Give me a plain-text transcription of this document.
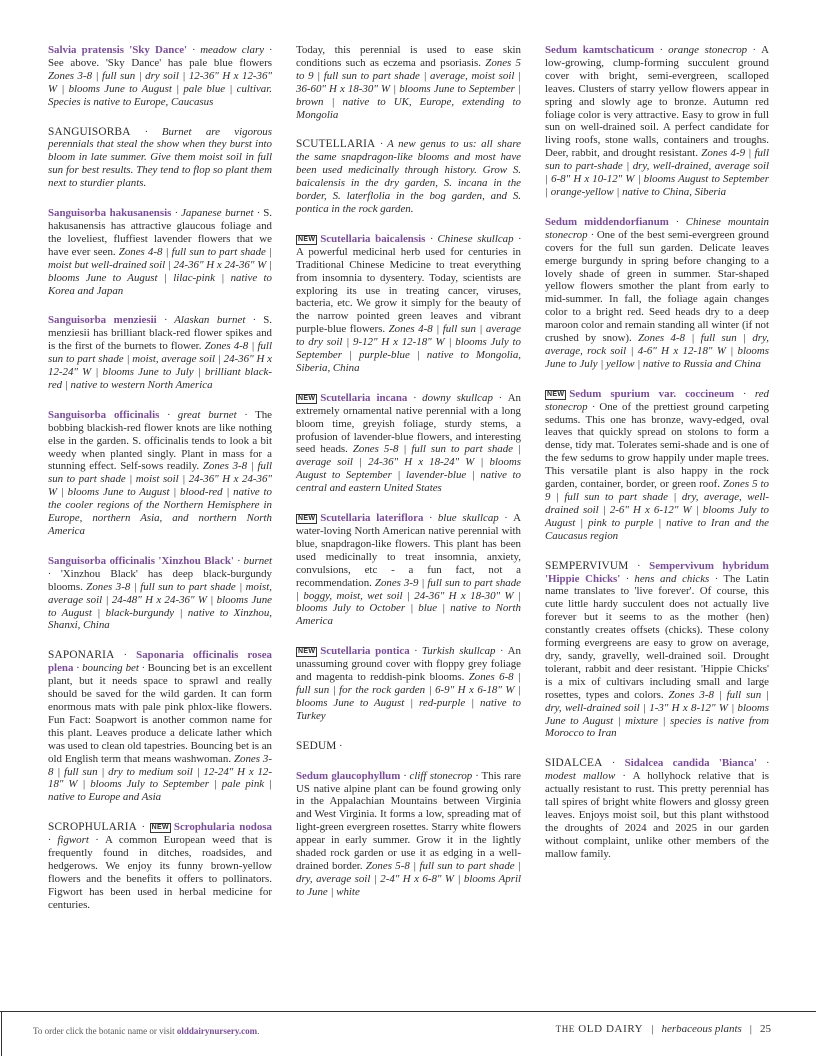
Salvia pratensis 'Sky Dance' · meadow clary · See above. 'Sky Dance' has pale blue flowers Zones 3-8 | full sun | dry soil | 12-36" H x 12-36" W | blooms June to August | pale blue | cultivar. Species is native to Europe, Caucasus

SANGUISORBA · Burnet are vigorous perennials that steal the show when they burst into bloom in late summer. Give them moist soil in full sun for best results. They tend to flop so plant them next to sturdier plants.

Sanguisorba hakusanensis · Japanese burnet · S. hakusanensis has attractive glaucous foliage and the loveliest, fluffiest lavender flowers that we have ever seen. Zones 4-8 | full sun to part shade | moist but well-drained soil | 24-36" H x 24-36" W | blooms June to August | lilac-pink | native to Korea and Japan

Sanguisorba menziesii · Alaskan burnet · S. menziesii has brilliant black-red flower spikes and is the first of the burnets to flower. Zones 4-8 | full sun to part shade | moist, average soil | 24-36" H x 12-24" W | blooms June to July | brilliant black-red | native to western North America

Sanguisorba officinalis · great burnet · The bobbing blackish-red flower knots are like nothing else in the garden. S. officinalis tends to look a bit weedy when planted singly. Plant in mass for a stunning effect. Self-sows readily. Zones 3-8 | full sun to part shade | moist soil | 24-36" H x 24-36" W | blooms June to August | blood-red | native to the cooler regions of the Northern Hemisphere in Europe, northern Asia, and northern North America

Sanguisorba officinalis 'Xinzhou Black' · burnet · 'Xinzhou Black' has deep black-burgundy blooms. Zones 3-8 | full sun to part shade | moist, average soil | 24-48" H x 24-36" W | blooms June to August | black-burgundy | native to Xinzhou, Shanxi, China

SAPONARIA · Saponaria officinalis rosea plena · bouncing bet · Bouncing bet is an excellent plant, but it needs space to sprawl and really should be saved for the wild garden. It can form enormous mats with pale pink phlox-like flowers. Fun Fact: Soapwort is another common name for this plant. Leaves produce a delicate lather which was used to clean old tapestries. Bouncing bet is an old English term that means washwoman. Zones 3-8 | full sun | dry to medium soil | 12-24" H x 12-18" W | blooms July to September | pale pink | native to Europe and Asia

SCROPHULARIA · NEW Scrophularia nodosa · figwort · A common European weed that is frequently found in ditches, roadsides, and hedgerows. We enjoy its funny brown-yellow flowers and the benefits it offers to pollinators. Figwort has been used in herbal medicine for centuries.

Today, this perennial is used to ease skin conditions such as eczema and psoriasis. Zones 5 to 9 | full sun to part shade | average, moist soil | 36-60" H x 18-30" W | blooms June to September | brown | native to UK, Europe, extending to Mongolia

SCUTELLARIA · A new genus to us: all share the same snapdragon-like blooms and most have been used medicinally through history. Grow S. baicalensis in the dry garden, S. incana in the border, S. laterflolia in the bog garden, and S. pontica in the rock garden.

NEW Scutellaria baicalensis · Chinese skullcap · A powerful medicinal herb used for centuries in Traditional Chinese Medicine to treat everything from insomnia to dysentery. Today, scientists are exploring its use in treating cancer, viruses, bacteria, etc. We grow it simply for the beauty of the narrow pointed green leaves and vibrant purple-blue flowers. Zones 4-8 | full sun | average to dry soil | 9-12" H x 12-18" W | blooms July to September | purple-blue | native to Mongolia, Siberia, China

NEW Scutellaria incana · downy skullcap · An extremely ornamental native perennial with a long bloom time, greyish foliage, sturdy stems, a profusion of lavender-blue flowers, and interesting seed heads. Zones 5-8 | full sun to part shade | average soil | 24-36" H x 18-24" W | blooms August to September | lavender-blue | native to central and eastern United States

NEW Scutellaria lateriflora · blue skullcap · A water-loving North American native perennial with blue, snapdragon-like flowers. This plant has been used medicinally to treat insomnia, anxiety, convulsions, etc - a fun fact, not a recommendation. Zones 3-9 | full sun to part shade | boggy, moist, wet soil | 24-36" H x 18-30" W | blooms July to October | blue | native to North America

NEW Scutellaria pontica · Turkish skullcap · An unassuming ground cover with floppy grey foliage and magenta to reddish-pink blooms. Zones 6-8 | full sun | for the rock garden | 6-9" H x 6-18" W | blooms June to August | red-purple | native to Turkey

SEDUM ·

Sedum glaucophyllum · cliff stonecrop · This rare US native alpine plant can be found growing only in the Appalachian Mountains between Virginia and West Virginia. It forms a low, spreading mat of light-green evergreen rosettes. Starry white flowers appear in early summer. Grow it in the lightly shaded rock garden or use it as edging in a well-drained border. Zones 5-8 | full sun to part shade | dry, average soil | 2-4" H x 6-8" W | blooms April to June | white

Sedum kamtschaticum · orange stonecrop · A low-growing, clump-forming succulent ground cover with bright, semi-evergreen, scalloped leaves. Clusters of starry yellow flowers appear in spring and slowly age to bronze. Autumn red foliage color is very attractive. Easy to grow in full sun on well-drained soil. A perfect candidate for living roofs, stone walls, containers and troughs. Deer, rabbit, and drought resistant. Zones 4-9 | full sun to part-shade | dry, well-drained, average soil | 6-8" H x 10-12" W | blooms August to September | orange-yellow | native to China, Siberia

Sedum middendorfianum · Chinese mountain stonecrop · One of the best semi-evergreen ground covers for the full sun garden. Delicate leaves emerge burgundy in spring before changing to a lovely shade of green in summer. Star-shaped yellow flowers smother the plant from early to mid-summer. In fall, the foliage again changes color to a bright red. Seed heads dry to a deep maroon color and remain standing all winter (if not crushed by snow). Zones 4-8 | full sun | dry, average, rock soil | 4-6" H x 12-18" W | blooms June to July | yellow | native to Russia and China

NEW Sedum spurium var. coccineum · red stonecrop · One of the prettiest ground carpeting sedums. This one has bronze, wavy-edged, oval leaves that quickly spread on stolons to form a dense, tidy mat. Tolerates semi-shade and is one of the few sedums to grow happily under maple trees. This versatile plant is also happy in the rock garden, container, border, or green roof. Zones 5 to 9 | full sun to part shade | dry, average, well-drained soil | 2-6" H x 6-12" W | blooms July to August | pink to purple | native to Iran and the Caucasus region

SEMPERVIVUM · Sempervivum hybridum 'Hippie Chicks' · hens and chicks · The Latin name translates to 'live forever'. Of course, this cute little hardy succulent does not actually live forever but it seems to as the mother (hen) constantly creates offsets (chicks). These colony forming evergreens are easy to grow on average, dry, sandy, gravelly, well-drained soil. Drought tolerant, rabbit and deer resistant. 'Hippie Chicks' is a mix of cultivars including small and large rosettes, types and colors. Zones 3-8 | full sun | dry, well-drained soil | 1-3" H x 8-12" W | blooms June to August | mixture | species is native from Morocco to Iran

SIDALCEA · Sidalcea candida 'Bianca' · modest mallow · A hollyhock relative that is actually resistant to rust. This pretty perennial has tall spires of bright white flowers and glossy green leaves. Enjoys moist soil, but this plant withstood the droughts of 2024 and 2025 in our garden without complaint, unlike other members of the mallow family.

To order click the botanic name or visit olddairynursery.com.	THE OLD DAIRY | herbaceous plants | 25
